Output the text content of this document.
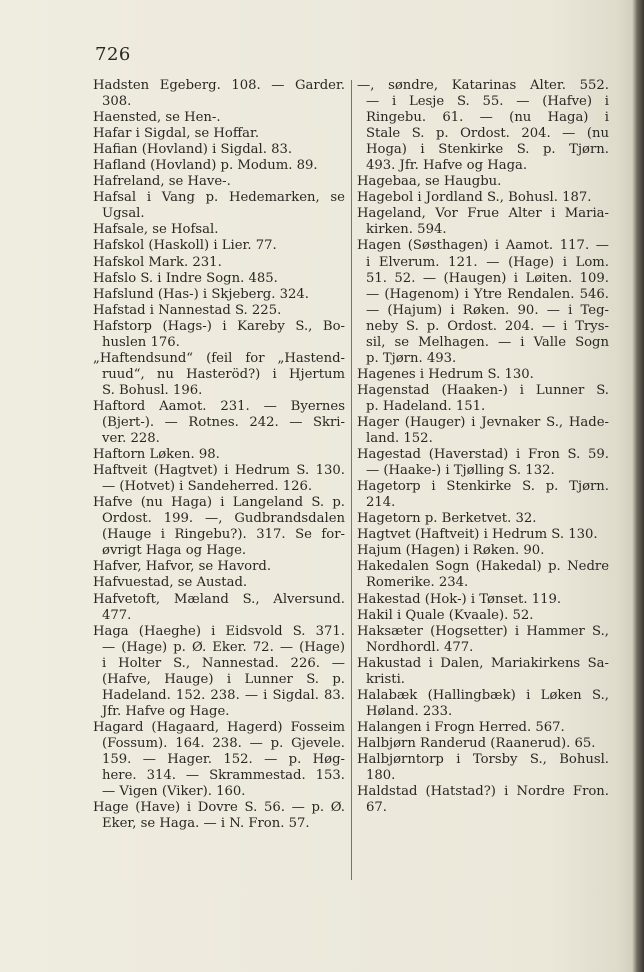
726
Hadsten Egeberg. 108. — Garder.
308.
Haensted, se Hen-.
Hafar i Sigdal, se Hoffar.
Hafian (Hovland) i Sigdal. 83.
Hafland (Hovland) p. Modum. 89.
Hafreland, se Have-.
Hafsal i Vang p. Hedemarken, se
Ugsal.
Hafsale, se Hofsal.
Hafskol (Haskoll) i Lier. 77.
Hafskol Mark. 231.
Hafslo S. i Indre Sogn. 485.
Hafslund (Has-) i Skjeberg. 324.
Hafstad i Nannestad S. 225.
Hafstorp (Hags-) i Kareby S., Bo-
huslen 176.
„Haftendsund“ (feil for „Hastend-
ruud“, nu Hasteröd?) i Hjertum
S. Bohusl. 196.
Haftord Aamot. 231. — Byernes
(Bjert-). — Rotnes. 242. — Skri-
ver. 228.
Haftorn Løken. 98.
Haftveit (Hagtvet) i Hedrum S. 130.
— (Hotvet) i Sandeherred. 126.
Hafve (nu Haga) i Langeland S. p.
Ordost. 199. —, Gudbrandsdalen
(Hauge i Ringebu?). 317. Se for-
øvrigt Haga og Hage.
Hafver, Hafvor, se Havord.
Hafvuestad, se Austad.
Hafvetoft, Mæland S., Alversund.
477.
Haga (Haeghe) i Eidsvold S. 371.
— (Hage) p. Ø. Eker. 72. — (Hage)
i Holter S., Nannestad. 226. —
(Hafve, Hauge) i Lunner S. p.
Hadeland. 152. 238. — i Sigdal. 83.
Jfr. Hafve og Hage.
Hagard (Hagaard, Hagerd) Fosseim
(Fossum). 164. 238. — p. Gjevele.
159. — Hager. 152. — p. Høg-
here. 314. — Skrammestad. 153.
— Vigen (Viker). 160.
Hage (Have) i Dovre S. 56. — p. Ø.
Eker, se Haga. — i N. Fron. 57.
—, søndre, Katarinas Alter. 552.
— i Lesje S. 55. — (Hafve) i
Ringebu. 61. — (nu Haga) i
Stale S. p. Ordost. 204. — (nu
Hoga) i Stenkirke S. p. Tjørn.
493. Jfr. Hafve og Haga.
Hagebaa, se Haugbu.
Hagebol i Jordland S., Bohusl. 187.
Hageland, Vor Frue Alter i Maria-
kirken. 594.
Hagen (Søsthagen) i Aamot. 117. —
i Elverum. 121. — (Hage) i Lom.
51. 52. — (Haugen) i Løiten. 109.
— (Hagenom) i Ytre Rendalen. 546.
— (Hajum) i Røken. 90. — i Teg-
neby S. p. Ordost. 204. — i Trys-
sil, se Melhagen. — i Valle Sogn
p. Tjørn. 493.
Hagenes i Hedrum S. 130.
Hagenstad (Haaken-) i Lunner S.
p. Hadeland. 151.
Hager (Hauger) i Jevnaker S., Hade-
land. 152.
Hagestad (Haverstad) i Fron S. 59.
— (Haake-) i Tjølling S. 132.
Hagetorp i Stenkirke S. p. Tjørn.
214.
Hagetorn p. Berketvet. 32.
Hagtvet (Haftveit) i Hedrum S. 130.
Hajum (Hagen) i Røken. 90.
Hakedalen Sogn (Hakedal) p. Nedre
Romerike. 234.
Hakestad (Hok-) i Tønset. 119.
Hakil i Quale (Kvaale). 52.
Haksæter (Hogsetter) i Hammer S.,
Nordhordl. 477.
Hakustad i Dalen, Mariakirkens Sa-
kristi.
Halabæk (Hallingbæk) i Løken S.,
Høland. 233.
Halangen i Frogn Herred. 567.
Halbjørn Randerud (Raanerud). 65.
Halbjørntorp i Torsby S., Bohusl.
180.
Haldstad (Hatstad?) i Nordre Fron.
67.
